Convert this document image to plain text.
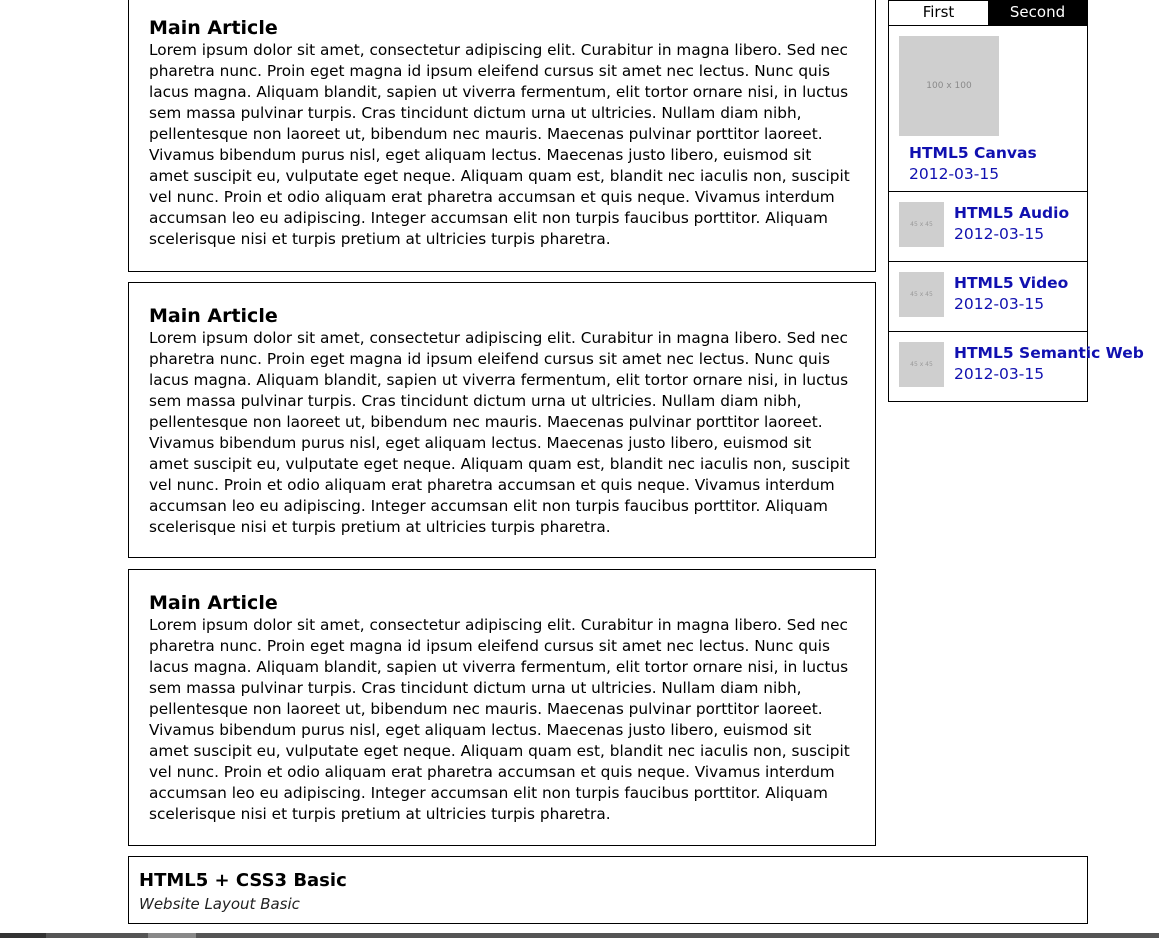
Main Article

Lorem ipsum dolor sit amet, consectetur adipiscing elit. Curabitur in magna libero. Sed nec pharetra nunc. Proin eget magna id ipsum eleifend cursus sit amet nec lectus. Nunc quis lacus magna. Aliquam blandit, sapien ut viverra fermentum, elit tortor ornare nisi, in luctus sem massa pulvinar turpis. Cras tincidunt dictum urna ut ultricies. Nullam diam nibh, pellentesque non laoreet ut, bibendum nec mauris. Maecenas pulvinar porttitor laoreet. Vivamus bibendum purus nisl, eget aliquam lectus. Maecenas justo libero, euismod sit amet suscipit eu, vulputate eget neque. Aliquam quam est, blandit nec iaculis non, suscipit vel nunc. Proin et odio aliquam erat pharetra accumsan et quis neque. Vivamus interdum accumsan leo eu adipiscing. Integer accumsan elit non turpis faucibus porttitor. Aliquam scelerisque nisi et turpis pretium at ultricies turpis pharetra.

Main Article

Lorem ipsum dolor sit amet, consectetur adipiscing elit. Curabitur in magna libero. Sed nec pharetra nunc. Proin eget magna id ipsum eleifend cursus sit amet nec lectus. Nunc quis lacus magna. Aliquam blandit, sapien ut viverra fermentum, elit tortor ornare nisi, in luctus sem massa pulvinar turpis. Cras tincidunt dictum urna ut ultricies. Nullam diam nibh, pellentesque non laoreet ut, bibendum nec mauris. Maecenas pulvinar porttitor laoreet. Vivamus bibendum purus nisl, eget aliquam lectus. Maecenas justo libero, euismod sit amet suscipit eu, vulputate eget neque. Aliquam quam est, blandit nec iaculis non, suscipit vel nunc. Proin et odio aliquam erat pharetra accumsan et quis neque. Vivamus interdum accumsan leo eu adipiscing. Integer accumsan elit non turpis faucibus porttitor. Aliquam scelerisque nisi et turpis pretium at ultricies turpis pharetra.

Main Article

Lorem ipsum dolor sit amet, consectetur adipiscing elit. Curabitur in magna libero. Sed nec pharetra nunc. Proin eget magna id ipsum eleifend cursus sit amet nec lectus. Nunc quis lacus magna. Aliquam blandit, sapien ut viverra fermentum, elit tortor ornare nisi, in luctus sem massa pulvinar turpis. Cras tincidunt dictum urna ut ultricies. Nullam diam nibh, pellentesque non laoreet ut, bibendum nec mauris. Maecenas pulvinar porttitor laoreet. Vivamus bibendum purus nisl, eget aliquam lectus. Maecenas justo libero, euismod sit amet suscipit eu, vulputate eget neque. Aliquam quam est, blandit nec iaculis non, suscipit vel nunc. Proin et odio aliquam erat pharetra accumsan et quis neque. Vivamus interdum accumsan leo eu adipiscing. Integer accumsan elit non turpis faucibus porttitor. Aliquam scelerisque nisi et turpis pretium at ultricies turpis pharetra.

First	Second
100 x 100
HTML5 Canvas
2012-03-15
45 x 45
HTML5 Audio
2012-03-15
45 x 45
HTML5 Video
2012-03-15
45 x 45
HTML5 Semantic Web
2012-03-15
HTML5 + CSS3 Basic
Website Layout Basic
